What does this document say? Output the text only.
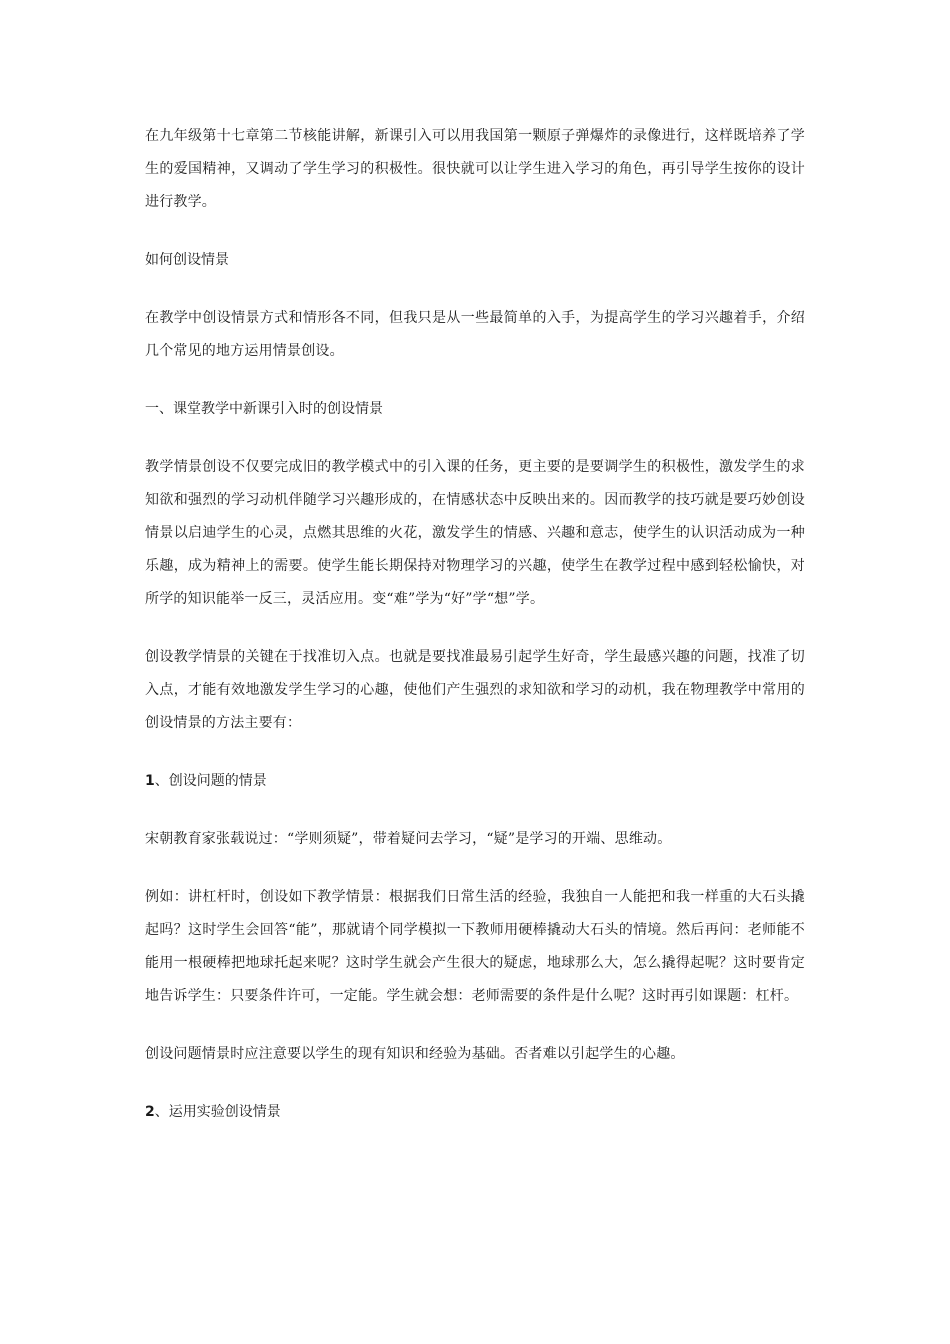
在九年级第十七章第二节核能讲解，新课引入可以用我国第一颗原子弹爆炸的录像进行，这样既培养了学生的爱国精神，又调动了学生学习的积极性。很快就可以让学生进入学习的角色，再引导学生按你的设计进行教学。

如何创设情景

在教学中创设情景方式和情形各不同，但我只是从一些最简单的入手，为提高学生的学习兴趣着手，介绍几个常见的地方运用情景创设。

一、课堂教学中新课引入时的创设情景

教学情景创设不仅要完成旧的教学模式中的引入课的任务，更主要的是要调学生的积极性，激发学生的求知欲和强烈的学习动机伴随学习兴趣形成的，在情感状态中反映出来的。因而教学的技巧就是要巧妙创设情景以启迪学生的心灵，点燃其思维的火花，激发学生的情感、兴趣和意志，使学生的认识活动成为一种乐趣，成为精神上的需要。使学生能长期保持对物理学习的兴趣，使学生在教学过程中感到轻松愉快，对所学的知识能举一反三，灵活应用。变“难”学为“好”学“想”学。

创设教学情景的关键在于找准切入点。也就是要找准最易引起学生好奇，学生最感兴趣的问题，找准了切入点，才能有效地激发学生学习的心趣，使他们产生强烈的求知欲和学习的动机，我在物理教学中常用的创设情景的方法主要有：

1、创设问题的情景

宋朝教育家张载说过：“学则须疑”，带着疑问去学习，“疑”是学习的开端、思维动。

例如：讲杠杆时，创设如下教学情景：根据我们日常生活的经验，我独自一人能把和我一样重的大石头撬起吗？这时学生会回答“能”，那就请个同学模拟一下教师用硬棒撬动大石头的情境。然后再问：老师能不能用一根硬棒把地球托起来呢？这时学生就会产生很大的疑虑，地球那么大，怎么撬得起呢？这时要肯定地告诉学生：只要条件许可，一定能。学生就会想：老师需要的条件是什么呢？这时再引如课题：杠杆。

创设问题情景时应注意要以学生的现有知识和经验为基础。否者难以引起学生的心趣。

2、运用实验创设情景
